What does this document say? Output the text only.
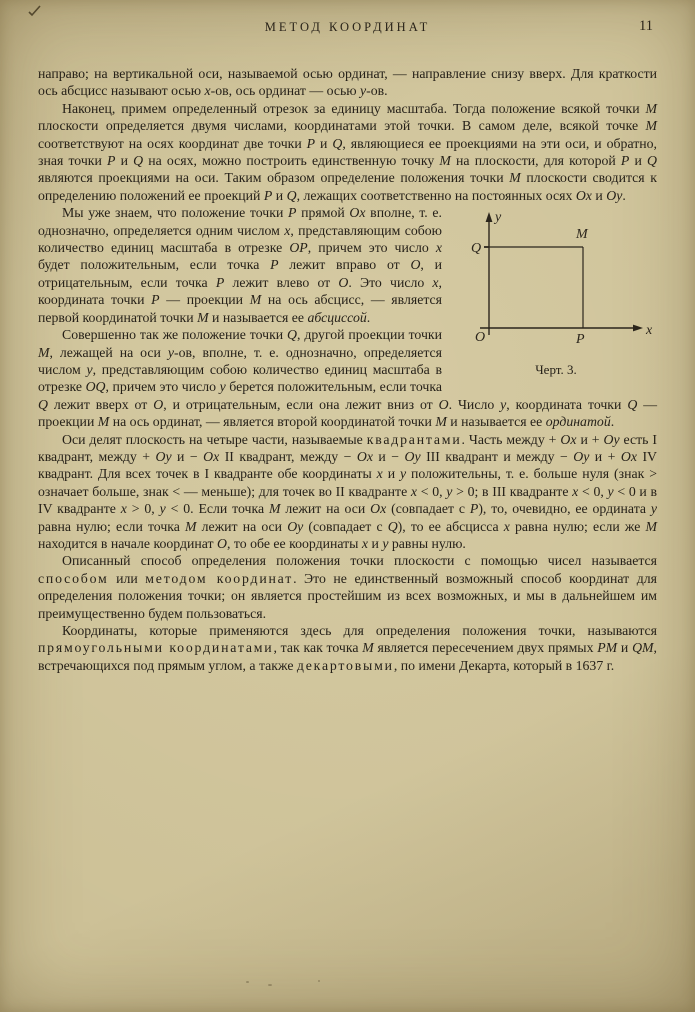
МЕТОД КООРДИНАТ	11

направо; на вертикальной оси, называемой осью ординат, — направление снизу вверх. Для краткости ось абсцисс называют осью x-ов, ось ординат — осью y-ов.

Наконец, примем определенный отрезок за единицу масштаба. Тогда положение всякой точки M плоскости определяется двумя числами, координатами этой точки. В самом деле, всякой точке M соответствуют на осях координат две точки P и Q, являющиеся ее проекциями на эти оси, и обратно, зная точки P и Q на осях, можно построить единственную точку M на плоскости, для которой P и Q являются проекциями на оси. Таким образом определение положения точки M плоскости сводится к определению положений ее проекций P и Q, лежащих соответственно на постоянных осях Ox и Oy.

y
x
O
Q
M
P
Черт. 3.

Мы уже знаем, что положение точки P прямой Ox вполне, т. е. однозначно, определяется одним числом x, представляющим собою количество единиц масштаба в отрезке OP, причем это число x будет положительным, если точка P лежит вправо от O, и отрицательным, если точка P лежит влево от O. Это число x, координата точки P — проекции M на ось абсцисс, — является первой координатой точки M и называется ее абсциссой.

Совершенно так же положение точки Q, другой проекции точки M, лежащей на оси y-ов, вполне, т. е. однозначно, определяется числом y, представляющим собою количество единиц масштаба в отрезке OQ, причем это число y берется положительным, если точка Q лежит вверх от O, и отрицательным, если она лежит вниз от O. Число y, координата точки Q — проекции M на ось ординат, — является второй координатой точки M и называется ее ординатой.

Оси делят плоскость на четыре части, называемые квадрантами. Часть между + Ox и + Oy есть I квадрант, между + Oy и − Ox II квадрант, между − Ox и − Oy III квадрант и между − Oy и + Ox IV квадрант. Для всех точек в I квадранте обе координаты x и y положительны, т. е. больше нуля (знак > означает больше, знак < — меньше); для точек во II квадранте x < 0, y > 0; в III квадранте x < 0, y < 0 и в IV квадранте x > 0, y < 0. Если точка M лежит на оси Ox (совпадает с P), то, очевидно, ее ордината y равна нулю; если точка M лежит на оси Oy (совпадает с Q), то ее абсцисса x равна нулю; если же M находится в начале координат O, то обе ее координаты x и y равны нулю.

Описанный способ определения положения точки плоскости с помощью чисел называется способом или методом координат. Это не единственный возможный способ координат для определения положения точки; он является простейшим из всех возможных, и мы в дальнейшем им преимущественно будем пользоваться.

Координаты, которые применяются здесь для определения положения точки, называются прямоугольными координатами, так как точка M является пересечением двух прямых PM и QM, встречающихся под прямым углом, а также декартовыми, по имени Декарта, который в 1637 г.
